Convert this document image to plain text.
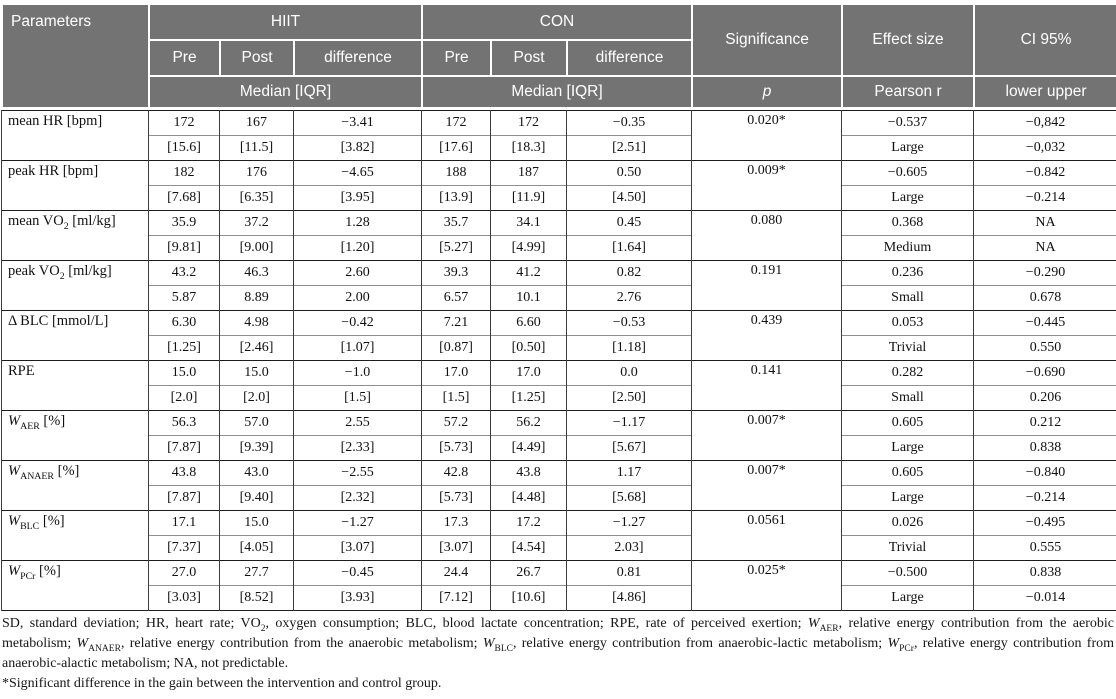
Parameters	HIIT			CON			Significance	Effect size	CI 95%
	Pre	Post	difference	Pre	Post	difference			
	Median [IQR]			Median [IQR]			p	Pearson r	lower upper
mean HR [bpm]	172	167	−3.41	172	172	−0.35	0.020*	−0.537	−0,842
	[15.6]	[11.5]	[3.82]	[17.6]	[18.3]	[2.51]		Large	−0,032
peak HR [bpm]	182	176	−4.65	188	187	0.50	0.009*	−0.605	−0.842
	[7.68]	[6.35]	[3.95]	[13.9]	[11.9]	[4.50]		Large	−0.214
mean $VO_2$ [ml/kg]	35.9	37.2	1.28	35.7	34.1	0.45	0.080	0.368	NA
	[9.81]	[9.00]	[1.20]	[5.27]	[4.99]	[1.64]		Medium	NA
peak $VO_2$ [ml/kg]	43.2	46.3	2.60	39.3	41.2	0.82	0.191	0.236	−0.290
	5.87	8.89	2.00	6.57	10.1	2.76		Small	0.678
Δ BLC [mmol/L]	6.30	4.98	−0.42	7.21	6.60	−0.53	0.439	0.053	−0.445
	[1.25]	[2.46]	[1.07]	[0.87]	[0.50]	[1.18]		Trivial	0.550
RPE	15.0	15.0	−1.0	17.0	17.0	0.0	0.141	0.282	−0.690
	[2.0]	[2.0]	[1.5]	[1.5]	[1.25]	[2.50]		Small	0.206
$W_{AER}$ [%]	56.3	57.0	2.55	57.2	56.2	−1.17	0.007*	0.605	0.212
	[7.87]	[9.39]	[2.33]	[5.73]	[4.49]	[5.67]		Large	0.838
$W_{ANAER}$ [%]	43.8	43.0	−2.55	42.8	43.8	1.17	0.007*	0.605	−0.840
	[7.87]	[9.40]	[2.32]	[5.73]	[4.48]	[5.68]		Large	−0.214
$W_{BLC}$ [%]	17.1	15.0	−1.27	17.3	17.2	−1.27	0.0561	0.026	−0.495
	[7.37]	[4.05]	[3.07]	[3.07]	[4.54]	2.03]		Trivial	0.555
$W_{PCr}$ [%]	27.0	27.7	−0.45	24.4	26.7	0.81	0.025*	−0.500	0.838
	[3.03]	[8.52]	[3.93]	[7.12]	[10.6]	[4.86]		Large	−0.014

SD, standard deviation; HR, heart rate; $VO_2$, oxygen consumption; BLC, blood lactate concentration; RPE, rate of perceived exertion; $W_{AER}$, relative energy contribution from the aerobic metabolism; $W_{ANAER}$, relative energy contribution from the anaerobic metabolism; $W_{BLC}$, relative energy contribution from anaerobic-lactic metabolism; $W_{PCr}$, relative energy contribution from anaerobic-alactic metabolism; NA, not predictable.

*Significant difference in the gain between the intervention and control group.
